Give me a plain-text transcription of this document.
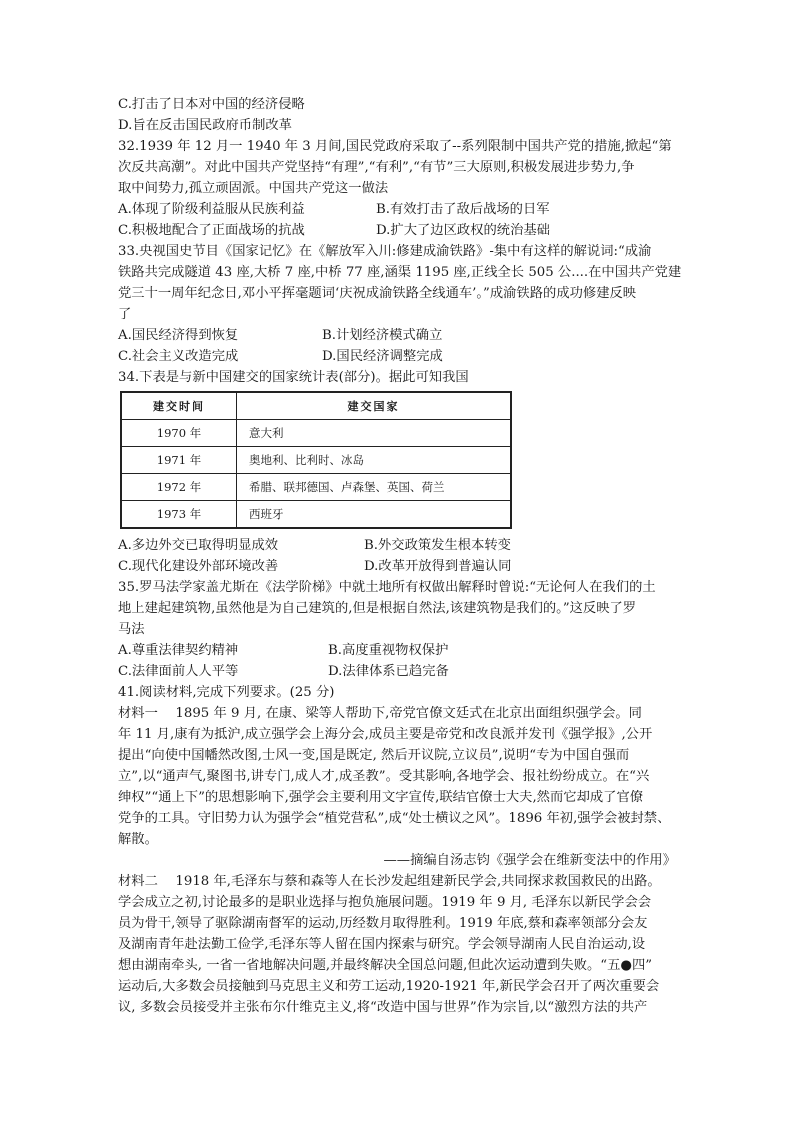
C.打击了日本对中国的经济侵略
D.旨在反击国民政府币制改革
32.1939 年 12 月一 1940 年 3 月间,国民党政府采取了--系列限制中国共产党的措施,掀起“第
次反共高潮”。对此中国共产党坚持“有理”,“有利”,“有节”三大原则,积极发展进步势力,争
取中间势力,孤立顽固派。中国共产党这一做法
A.体现了阶级利益服从民族利益	B.有效打击了敌后战场的日军
C.积极地配合了正面战场的抗战	D.扩大了边区政权的统治基础
33.央视国史节目《国家记忆》在《解放军入川:修建成渝铁路》-集中有这样的解说词:“成渝
铁路共完成隧道 43 座,大桥 7 座,中桥 77 座,涵渠 1195 座,正线全长 505 公....在中国共产党建
党三十一周年纪念日,邓小平挥毫题词‘庆祝成渝铁路全线通车’。”成渝铁路的成功修建反映
了
A.国民经济得到恢复	B.计划经济模式确立
C.社会主义改造完成	D.国民经济调整完成
34.下表是与新中国建交的国家统计表(部分)。据此可知我国
建交时间	建交国家
1970 年	意大利
1971 年	奥地利、比利时、冰岛
1972 年	希腊、联邦德国、卢森堡、英国、荷兰
1973 年	西班牙
A.多边外交已取得明显成效	B.外交政策发生根本转变
C.现代化建设外部环境改善	D.改革开放得到普遍认同
35.罗马法学家盖尤斯在《法学阶梯》中就土地所有权做出解释时曾说:“无论何人在我们的土
地上建起建筑物,虽然他是为自己建筑的,但是根据自然法,该建筑物是我们的。”这反映了罗
马法
A.尊重法律契约精神	B.高度重视物权保护
C.法律面前人人平等	D.法律体系已趋完备
41.阅读材料,完成下列要求。(25 分)
材料一　 1895 年 9 月, 在康、梁等人帮助下,帝党官僚文廷式在北京出面组织强学会。同
年 11 月,康有为抵沪,成立强学会上海分会,成员主要是帝党和改良派并发刊《强学报》,公开
提出“向使中国幡然改图,士风一变,国是既定, 然后开议院,立议员”,说明“专为中国自强而
立”,以“通声气,聚图书,讲专门,成人才,成圣教”。受其影响,各地学会、报社纷纷成立。在“兴
绅权”“通上下”的思想影响下,强学会主要利用文字宣传,联结官僚士大夫,然而它却成了官僚
党争的工具。守旧势力认为强学会“植党营私”,成“处士横议之风”。1896 年初,强学会被封禁、
解散。
——摘编自汤志钧《强学会在维新变法中的作用》
材料二　 1918 年,毛泽东与蔡和森等人在长沙发起组建新民学会,共同探求救国救民的出路。
学会成立之初,讨论最多的是职业选择与抱负施展问题。1919 年 9 月, 毛泽东以新民学会会
员为骨干,领导了驱除湖南督军的运动,历经数月取得胜利。1919 年底,蔡和森率领部分会友
及湖南青年赴法勤工俭学,毛泽东等人留在国内探索与研究。学会领导湖南人民自治运动,设
想由湖南牵头, 一省一省地解决问题,并最终解决全国总问题,但此次运动遭到失败。“五●四”
运动后,大多数会员接触到马克思主义和劳工运动,1920-1921 年,新民学会召开了两次重要会
议, 多数会员接受并主张布尔什维克主义,将“改造中国与世界”作为宗旨,以“激烈方法的共产
